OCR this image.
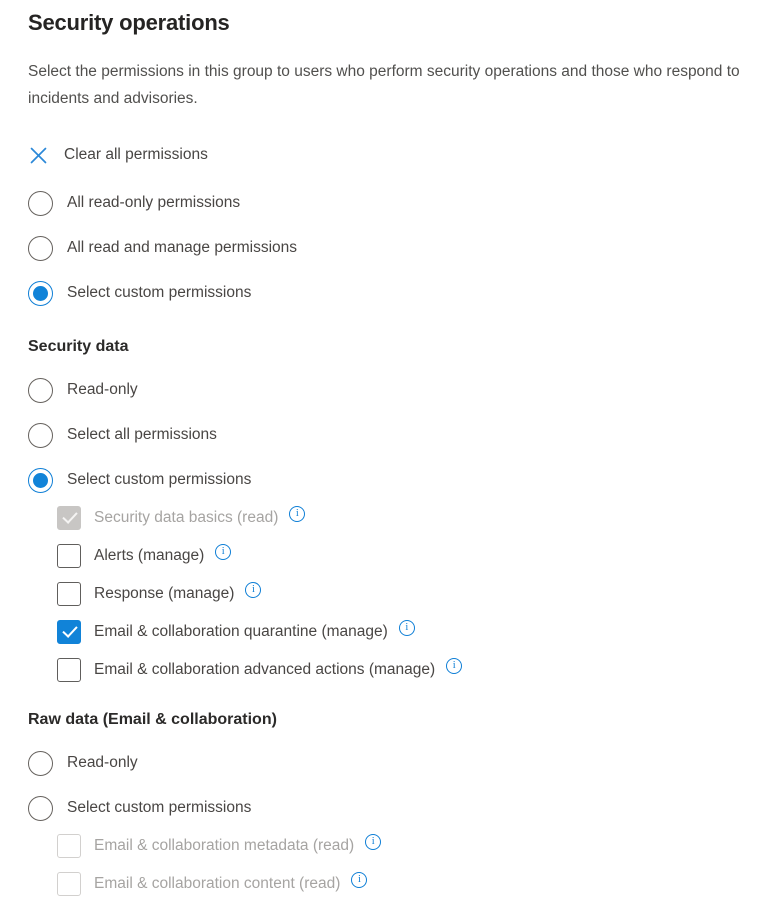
Security operations

Select the permissions in this group to users who perform security operations and those who respond to incidents and advisories.

Clear all permissions
All read-only permissions
All read and manage permissions
Select custom permissions
Security data
Read-only
Select all permissions
Select custom permissions
Security data basics (read)
i
Alerts (manage)
i
Response (manage)
i
Email & collaboration quarantine (manage)
i
Email & collaboration advanced actions (manage)
i
Raw data (Email & collaboration)
Read-only
Select custom permissions
Email & collaboration metadata (read)
i
Email & collaboration content (read)
i
